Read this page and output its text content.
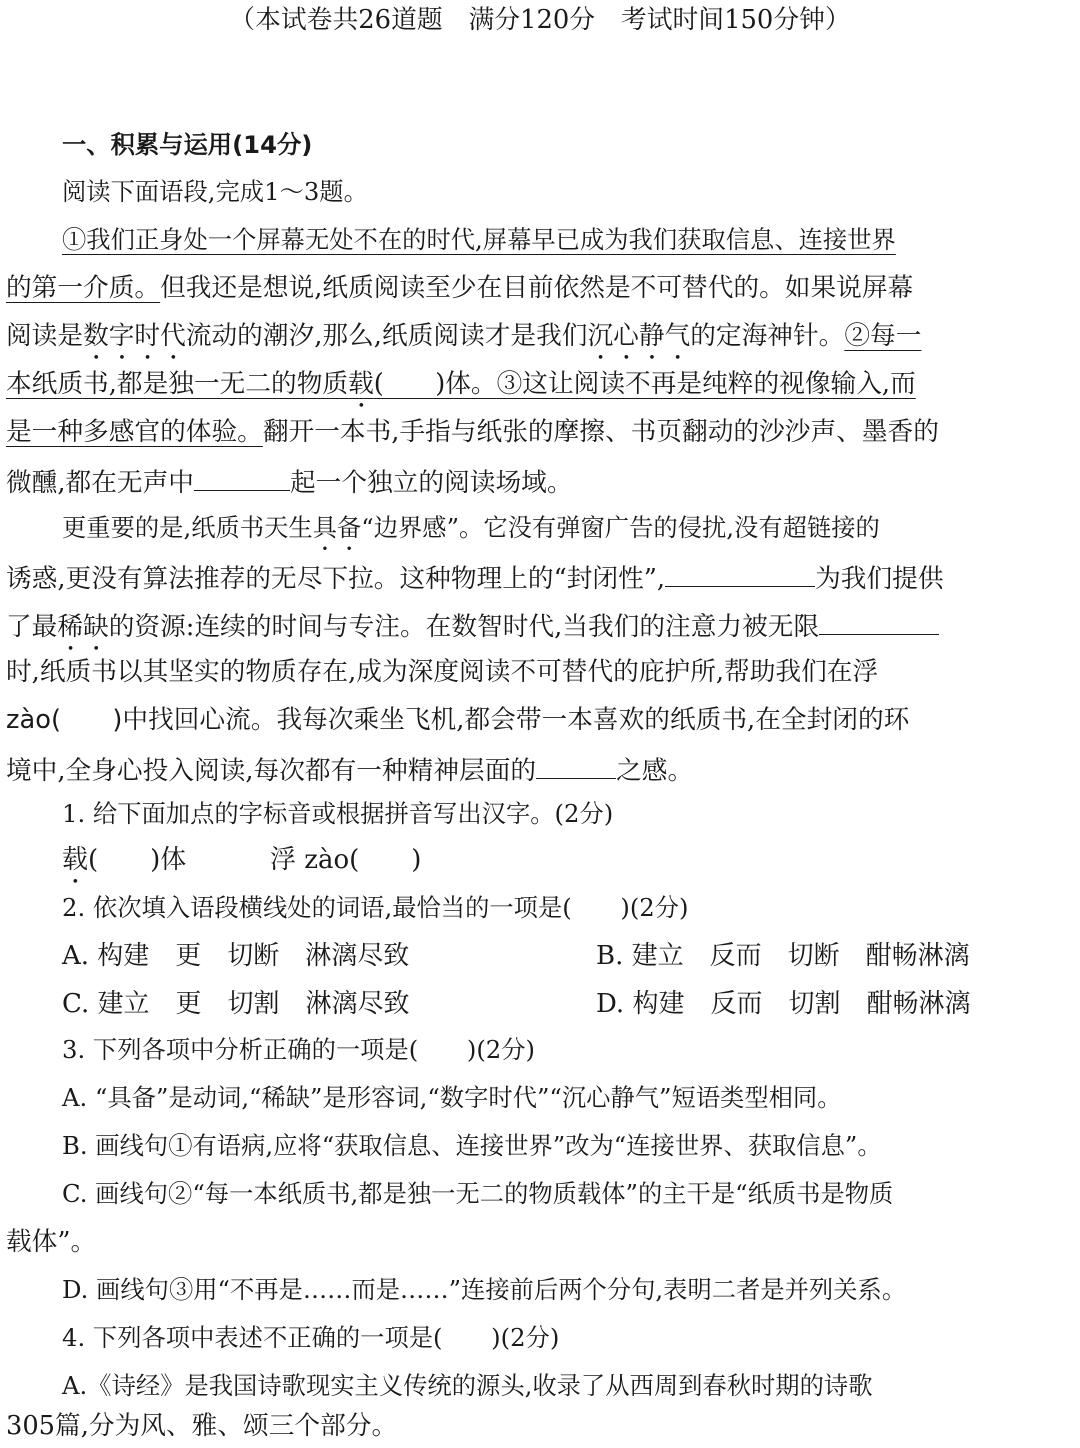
（本试卷共26道题　满分120分　考试时间150分钟）
一、积累与运用(14分)
阅读下面语段,完成1～3题。
①我们正身处一个屏幕无处不在的时代,屏幕早已成为我们获取信息、连接世界
的第一介质。但我还是想说,纸质阅读至少在目前依然是不可替代的。如果说屏幕
阅读是数字时代流动的潮汐,那么,纸质阅读才是我们沉心静气的定海神针。②每一
本纸质书,都是独一无二的物质载(　　)体。③这让阅读不再是纯粹的视像输入,而
是一种多感官的体验。翻开一本书,手指与纸张的摩擦、书页翻动的沙沙声、墨香的
微醺,都在无声中	起一个独立的阅读场域。
更重要的是,纸质书天生具备“边界感”。它没有弹窗广告的侵扰,没有超链接的
诱惑,更没有算法推荐的无尽下拉。这种物理上的“封闭性”,	为我们提供
了最稀缺的资源:连续的时间与专注。在数智时代,当我们的注意力被无限
时,纸质书以其坚实的物质存在,成为深度阅读不可替代的庇护所,帮助我们在浮
zào(　　)中找回心流。我每次乘坐飞机,都会带一本喜欢的纸质书,在全封闭的环
境中,全身心投入阅读,每次都有一种精神层面的	之感。
1. 给下面加点的字标音或根据拼音写出汉字。(2分)
载(　　)体	浮 zào(　　)
2. 依次填入语段横线处的词语,最恰当的一项是(　　)(2分)
A. 构建　更　切断　淋漓尽致	B. 建立　反而　切断　酣畅淋漓
C. 建立　更　切割　淋漓尽致	D. 构建　反而　切割　酣畅淋漓
3. 下列各项中分析正确的一项是(　　)(2分)
A. “具备”是动词,“稀缺”是形容词,“数字时代”“沉心静气”短语类型相同。
B. 画线句①有语病,应将“获取信息、连接世界”改为“连接世界、获取信息”。
C. 画线句②“每一本纸质书,都是独一无二的物质载体”的主干是“纸质书是物质
载体”。
D. 画线句③用“不再是……而是……”连接前后两个分句,表明二者是并列关系。
4. 下列各项中表述不正确的一项是(　　)(2分)
A.《诗经》是我国诗歌现实主义传统的源头,收录了从西周到春秋时期的诗歌
305篇,分为风、雅、颂三个部分。
